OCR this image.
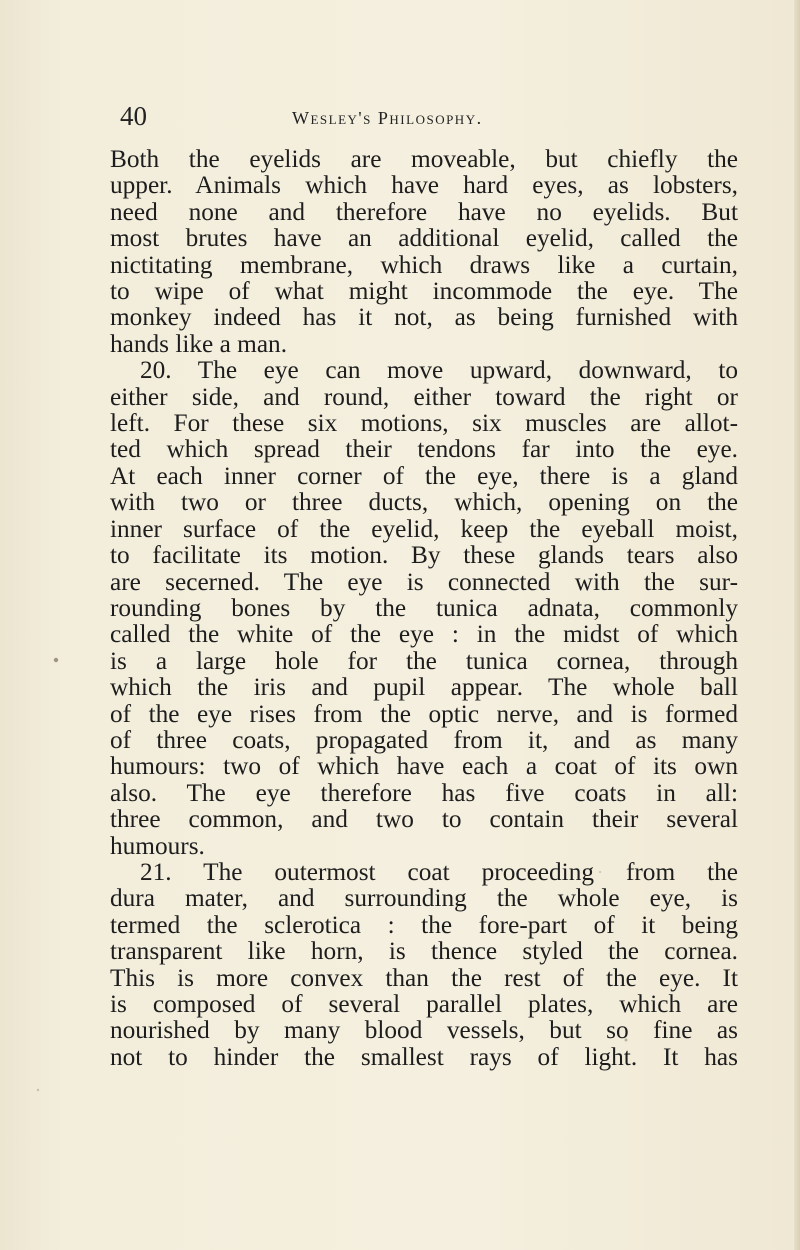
40	Wesley's Philosophy.

Both the eyelids are moveable, but chiefly the
upper. Animals which have hard eyes, as lobsters,
need none and therefore have no eyelids. But
most brutes have an additional eyelid, called the
nictitating membrane, which draws like a curtain,
to wipe of what might incommode the eye. The
monkey indeed has it not, as being furnished with
hands like a man.

20. The eye can move upward, downward, to
either side, and round, either toward the right or
left. For these six motions, six muscles are allot-
ted which spread their tendons far into the eye.
At each inner corner of the eye, there is a gland
with two or three ducts, which, opening on the
inner surface of the eyelid, keep the eyeball moist,
to facilitate its motion. By these glands tears also
are secerned. The eye is connected with the sur-
rounding bones by the tunica adnata, commonly
called the white of the eye : in the midst of which
is a large hole for the tunica cornea, through
which the iris and pupil appear. The whole ball
of the eye rises from the optic nerve, and is formed
of three coats, propagated from it, and as many
humours: two of which have each a coat of its own
also. The eye therefore has five coats in all:
three common, and two to contain their several
humours.

21. The outermost coat proceeding from the
dura mater, and surrounding the whole eye, is
termed the sclerotica : the fore-part of it being
transparent like horn, is thence styled the cornea.
This is more convex than the rest of the eye. It
is composed of several parallel plates, which are
nourished by many blood vessels, but so fine as
not to hinder the smallest rays of light. It has
